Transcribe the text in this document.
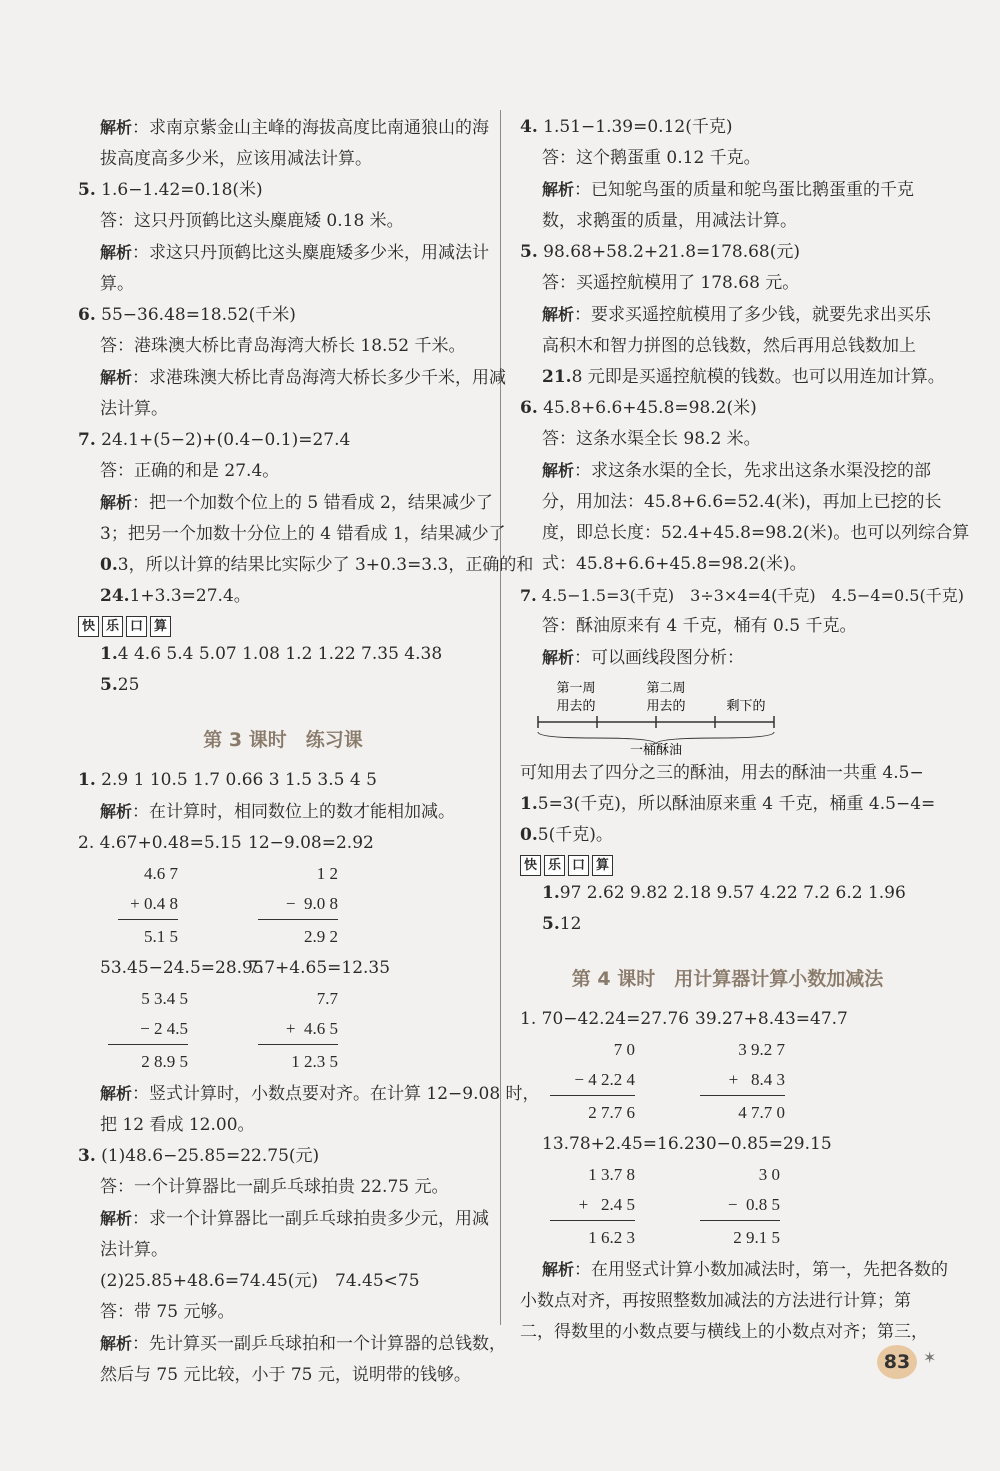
解析：求南京紫金山主峰的海拔高度比南通狼山的海
拔高度高多少米，应该用减法计算。
5. 1.6−1.42=0.18(米)
答：这只丹顶鹤比这头麋鹿矮 0.18 米。
解析：求这只丹顶鹤比这头麋鹿矮多少米，用减法计
算。
6. 55−36.48=18.52(千米)
答：港珠澳大桥比青岛海湾大桥长 18.52 千米。
解析：求港珠澳大桥比青岛海湾大桥长多少千米，用减
法计算。
7. 24.1+(5−2)+(0.4−0.1)=27.4
答：正确的和是 27.4。
解析：把一个加数个位上的 5 错看成 2，结果减少了
3；把另一个加数十分位上的 4 错看成 1，结果减少了
0.3，所以计算的结果比实际少了 3+0.3=3.3，正确的和
24.1+3.3=27.4。
快 乐 口 算
1.4 4.6 5.4 5.07 1.08 1.2 1.22 7.35 4.38
5.25
第 3 课时　练习课
1. 2.9 1 10.5 1.7 0.66 3 1.5 3.5 4 5
解析：在计算时，相同数位上的数才能相加减。
2. 4.67+0.48=5.15 12−9.08=2.92
4.6 7
+ 0.4 8
5.1 5
1 2
−  9.0 8
2.9 2
53.45−24.5=28.95
7.7+4.65=12.35
5 3.4 5
− 2 4.5
2 8.9 5
7.7
+  4.6 5
1 2.3 5
解析：竖式计算时，小数点要对齐。在计算 12−9.08 时，
把 12 看成 12.00。
3. (1)48.6−25.85=22.75(元)
答：一个计算器比一副乒乓球拍贵 22.75 元。
解析：求一个计算器比一副乒乓球拍贵多少元，用减
法计算。
(2)25.85+48.6=74.45(元)　74.45<75
答：带 75 元够。
解析：先计算买一副乒乓球拍和一个计算器的总钱数，
然后与 75 元比较，小于 75 元，说明带的钱够。
4. 1.51−1.39=0.12(千克)
答：这个鹅蛋重 0.12 千克。
解析：已知鸵鸟蛋的质量和鸵鸟蛋比鹅蛋重的千克
数，求鹅蛋的质量，用减法计算。
5. 98.68+58.2+21.8=178.68(元)
答：买遥控航模用了 178.68 元。
解析：要求买遥控航模用了多少钱，就要先求出买乐
高积木和智力拼图的总钱数，然后再用总钱数加上
21.8 元即是买遥控航模的钱数。也可以用连加计算。
6. 45.8+6.6+45.8=98.2(米)
答：这条水渠全长 98.2 米。
解析：求这条水渠的全长，先求出这条水渠没挖的部
分，用加法：45.8+6.6=52.4(米)，再加上已挖的长
度，即总长度：52.4+45.8=98.2(米)。也可以列综合算
式：45.8+6.6+45.8=98.2(米)。
7. 4.5−1.5=3(千克)　3÷3×4=4(千克)　4.5−4=0.5(千克)
答：酥油原来有 4 千克，桶有 0.5 千克。
解析：可以画线段图分析：
第一周
用去的
第二周
用去的	剩下的
一桶酥油
可知用去了四分之三的酥油，用去的酥油一共重 4.5−
1.5=3(千克)，所以酥油原来重 4 千克，桶重 4.5−4=
0.5(千克)。
快 乐 口 算
1.97 2.62 9.82 2.18 9.57 4.22 7.2 6.2 1.96
5.12
第 4 课时　用计算器计算小数加减法
1. 70−42.24=27.76 39.27+8.43=47.7
7 0
− 4 2.2 4
2 7.7 6
3 9.2 7
+   8.4 3
4 7.7 0
13.78+2.45=16.23
30−0.85=29.15
1 3.7 8
+   2.4 5
1 6.2 3
3 0
−  0.8 5
2 9.1 5
解析：在用竖式计算小数加减法时，第一，先把各数的
小数点对齐，再按照整数加减法的方法进行计算；第
二，得数里的小数点要与横线上的小数点对齐；第三，
83 ✶
